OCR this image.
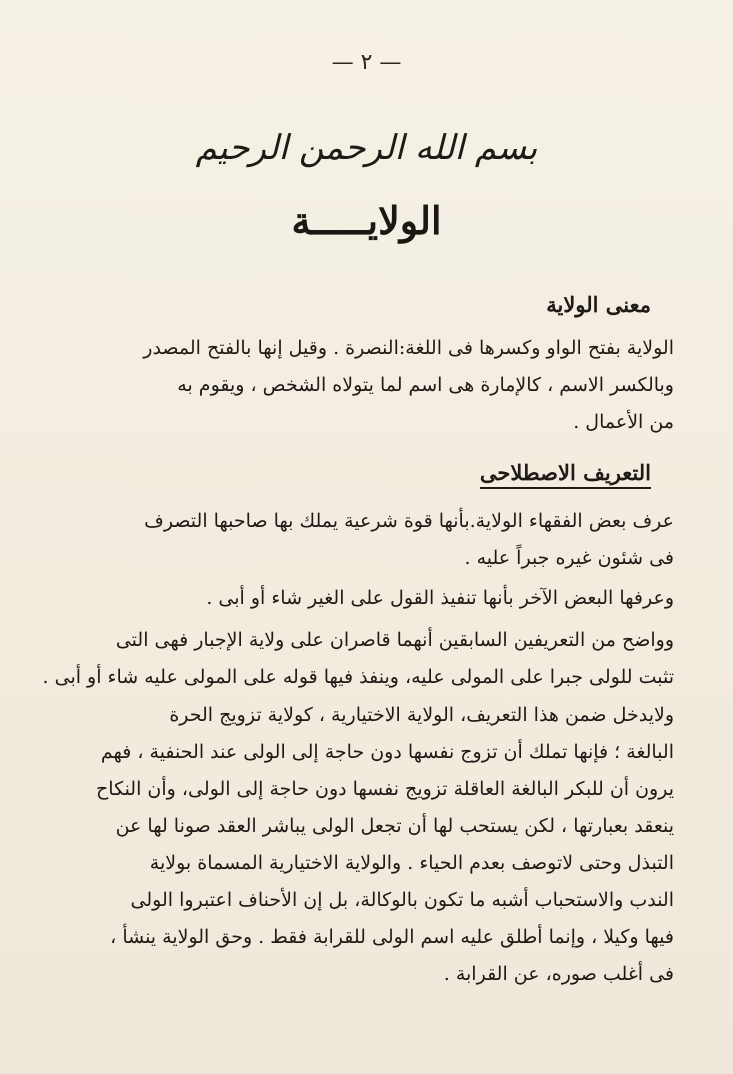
— ٢ —
بسم الله الرحمن الرحيم
الولايـــــة
معنى الولاية
الولاية بفتح الواو وكسرها فى اللغة:النصرة . وقيل إنها بالفتح المصدر
وبالكسر الاسم ، كالإمارة هى اسم لما يتولاه الشخص ، ويقوم به
من الأعمال .
التعريف الاصطلاحى
عرف بعض الفقهاء الولاية.بأنها قوة شرعية يملك بها صاحبها التصرف
فى شئون غيره جبراً عليه .
وعرفها البعض الآخر بأنها تنفيذ القول على الغير شاء أو أبى .
وواضح من التعريفين السابقين أنهما قاصران على ولاية الإجبار فهى التى
تثبت للولى جبرا على المولى عليه، وينفذ فيها قوله على المولى عليه شاء أو أبى .
ولايدخل ضمن هذا التعريف، الولاية الاختيارية ، كولاية تزويج الحرة
البالغة ؛ فإنها تملك أن تزوج نفسها دون حاجة إلى الولى عند الحنفية ، فهم
يرون أن للبكر البالغة العاقلة تزويج نفسها دون حاجة إلى الولى، وأن النكاح
ينعقد بعبارتها ، لكن يستحب لها أن تجعل الولى يباشر العقد صونا لها عن
التبذل وحتى لاتوصف بعدم الحياء . والولاية الاختيارية المسماة بولاية
الندب والاستحباب أشبه ما تكون بالوكالة، بل إن الأحناف اعتبروا الولى
فيها وكيلا ، وإنما أطلق عليه اسم الولى للقرابة فقط . وحق الولاية ينشأ ،
فى أغلب صوره، عن القرابة .
